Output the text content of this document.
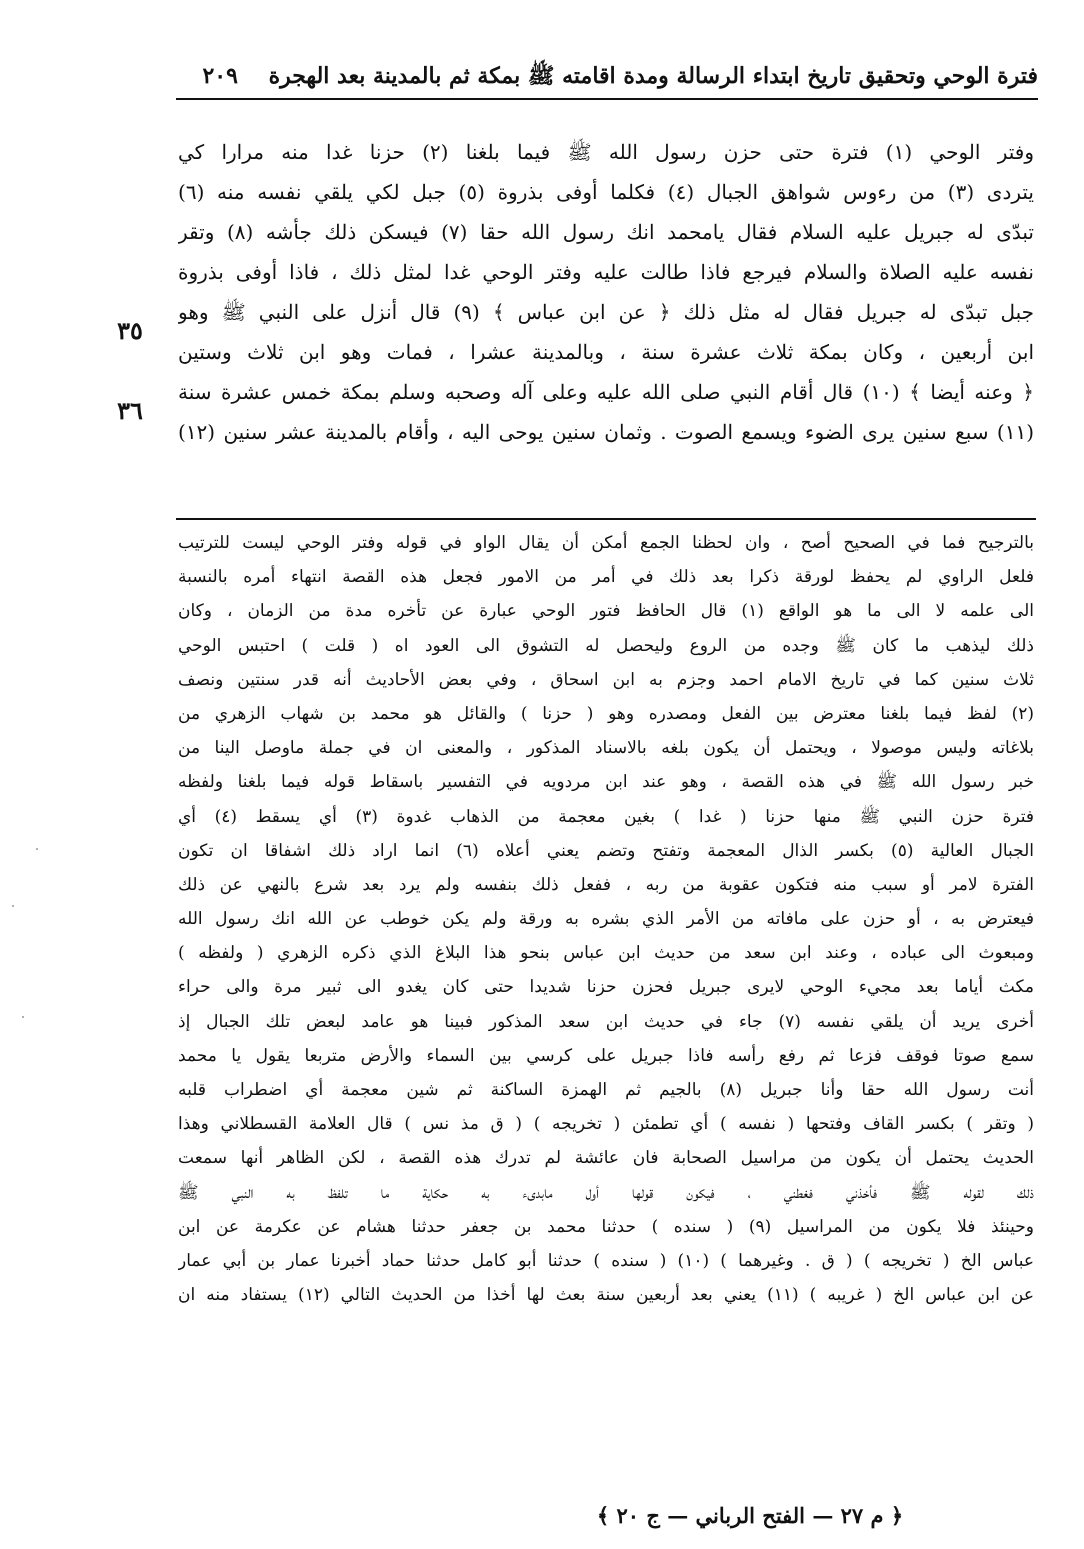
فترة الوحي وتحقيق تاريخ ابتداء الرسالة ومدة اقامته ﷺ بمكة ثم بالمدينة بعد الهجرة    ٢٠٩
وفتر الوحي (١) فترة حتى حزن رسول الله ﷺ فيما بلغنا (٢) حزنا غدا منه مرارا كي
يتردى (٣) من رءوس شواهق الجبال (٤) فكلما أوفى بذروة (٥) جبل لكي يلقي نفسه منه (٦)
تبدّى له جبريل عليه السلام فقال يامحمد انك رسول الله حقا (٧) فيسكن ذلك جأشه (٨) وتقر
نفسه عليه الصلاة والسلام فيرجع فاذا طالت عليه وفتر الوحي غدا لمثل ذلك ، فاذا أوفى بذروة
جبل تبدّى له جبريل فقال له مثل ذلك ﴿ عن ابن عباس ﴾ (٩) قال أنزل على النبي ﷺ وهو
ابن أربعين ، وكان بمكة ثلاث عشرة سنة ، وبالمدينة عشرا ، فمات وهو ابن ثلاث وستين
﴿ وعنه أيضا ﴾ (١٠) قال أقام النبي صلى الله عليه وعلى آله وصحبه وسلم بمكة خمس عشرة سنة
(١١) سبع سنين يرى الضوء ويسمع الصوت . وثمان سنين يوحى اليه ، وأقام بالمدينة عشر سنين (١٢)
٣٥
٣٦
بالترجيح فما في الصحيح أصح ، وان لحظنا الجمع أمكن أن يقال الواو في قوله وفتر الوحي ليست للترتيب
فلعل الراوي لم يحفظ لورقة ذكرا بعد ذلك في أمر من الامور فجعل هذه القصة انتهاء أمره بالنسبة
الى علمه لا الى ما هو الواقع (١) قال الحافظ فتور الوحي عبارة عن تأخره مدة من الزمان ، وكان
ذلك ليذهب ما كان ﷺ وجده من الروع وليحصل له التشوق الى العود اه ( قلت ) احتبس الوحي
ثلاث سنين كما في تاريخ الامام احمد وجزم به ابن اسحاق ، وفي بعض الأحاديث أنه قدر سنتين ونصف
(٢) لفظ فيما بلغنا معترض بين الفعل ومصدره وهو ( حزنا ) والقائل هو محمد بن شهاب الزهري من
بلاغاته وليس موصولا ، ويحتمل أن يكون بلغه بالاسناد المذكور ، والمعنى ان في جملة ماوصل الينا من
خبر رسول الله ﷺ في هذه القصة ، وهو عند ابن مردويه في التفسير باسقاط قوله فيما بلغنا ولفظه
فترة حزن النبي ﷺ منها حزنا ( غدا ) بغين معجمة من الذهاب غدوة (٣) أي يسقط (٤) أي
الجبال العالية (٥) بكسر الذال المعجمة وتفتح وتضم يعني أعلاه (٦) انما اراد ذلك اشفاقا ان تكون
الفترة لامر أو سبب منه فتكون عقوبة من ربه ، ففعل ذلك بنفسه ولم يرد بعد شرع بالنهي عن ذلك
فيعترض به ، أو حزن على مافاته من الأمر الذي بشره به ورقة ولم يكن خوطب عن الله انك رسول الله
ومبعوث الى عباده ، وعند ابن سعد من حديث ابن عباس بنحو هذا البلاغ الذي ذكره الزهري ( ولفظه )
مكث أياما بعد مجيء الوحي لايرى جبريل فحزن حزنا شديدا حتى كان يغدو الى ثبير مرة والى حراء
أخرى يريد أن يلقي نفسه (٧) جاء في حديث ابن سعد المذكور فبينا هو عامد لبعض تلك الجبال إذ
سمع صوتا فوقف فزعا ثم رفع رأسه فاذا جبريل على كرسي بين السماء والأرض متربعا يقول يا محمد
أنت رسول الله حقا وأنا جبريل (٨) بالجيم ثم الهمزة الساكنة ثم شين معجمة أي اضطراب قلبه
( وتقر ) بكسر القاف وفتحها ( نفسه ) أي تطمئن ( تخريجه ) ( ق مذ نس ) قال العلامة القسطلاني وهذا
الحديث يحتمل أن يكون من مراسيل الصحابة فان عائشة لم تدرك هذه القصة ، لكن الظاهر أنها سمعت
ذلك لقوله ﷺ فأخذني فغطني ، فيكون قولها أول مابدىء به حكاية ما تلفظ به النبي ﷺ
وحينئذ فلا يكون من المراسيل (٩) ( سنده ) حدثنا محمد بن جعفر حدثنا هشام عن عكرمة عن ابن
عباس الخ ( تخريجه ) ( ق . وغيرهما ) (١٠) ( سنده ) حدثنا أبو كامل حدثنا حماد أخبرنا عمار بن أبي عمار
عن ابن عباس الخ ( غريبه ) (١١) يعني بعد أربعين سنة بعث لها أخذا من الحديث التالي (١٢) يستفاد منه ان
﴿ م ٢٧ — الفتح الرباني — ج ٢٠ ﴾
